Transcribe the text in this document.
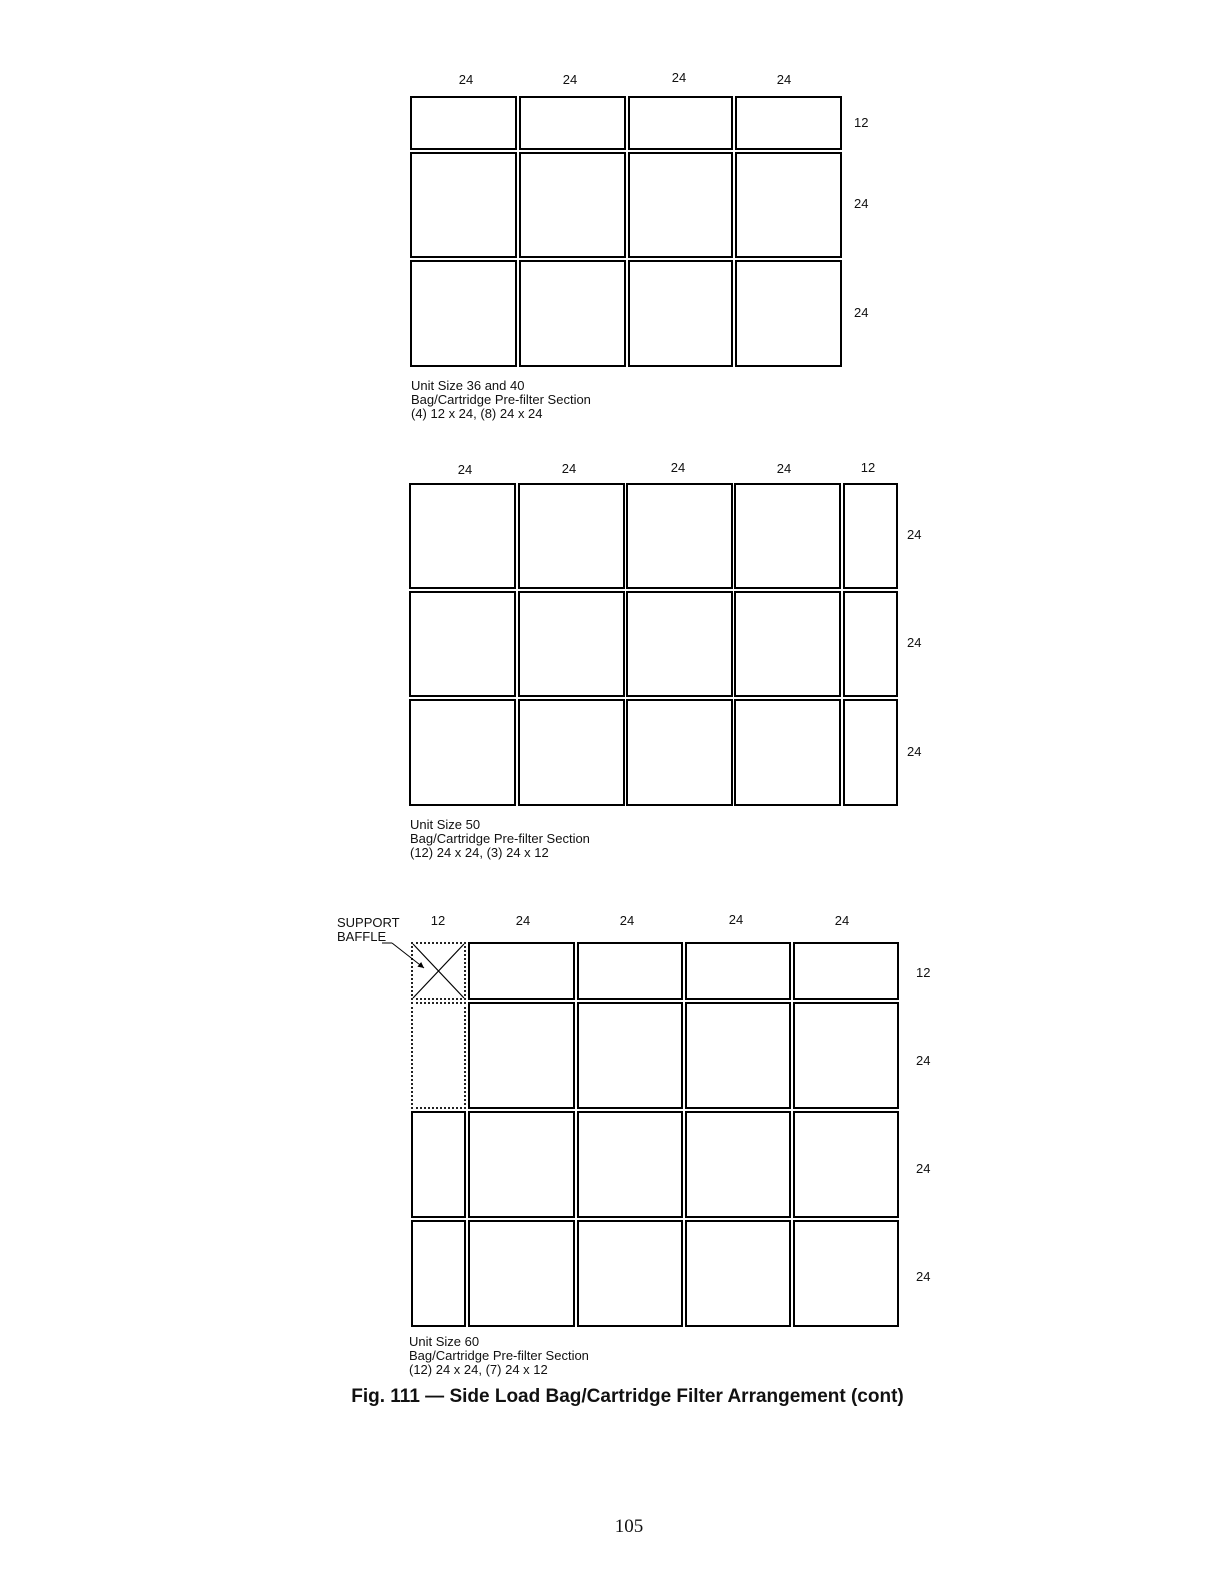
24	24	24	24
12
24
24
Unit Size 36 and 40
Bag/Cartridge Pre-filter Section
(4) 12 x 24, (8) 24 x 24
24	24	24	24	12
24
24
24
Unit Size 50
Bag/Cartridge Pre-filter Section
(12) 24 x 24, (3) 24 x 12
SUPPORT
BAFFLE
12	24	24	24	24
12
24
24
24
Unit Size 60
Bag/Cartridge Pre-filter Section
(12) 24 x 24, (7) 24 x 12
Fig. 111 — Side Load Bag/Cartridge Filter Arrangement (cont)
105
